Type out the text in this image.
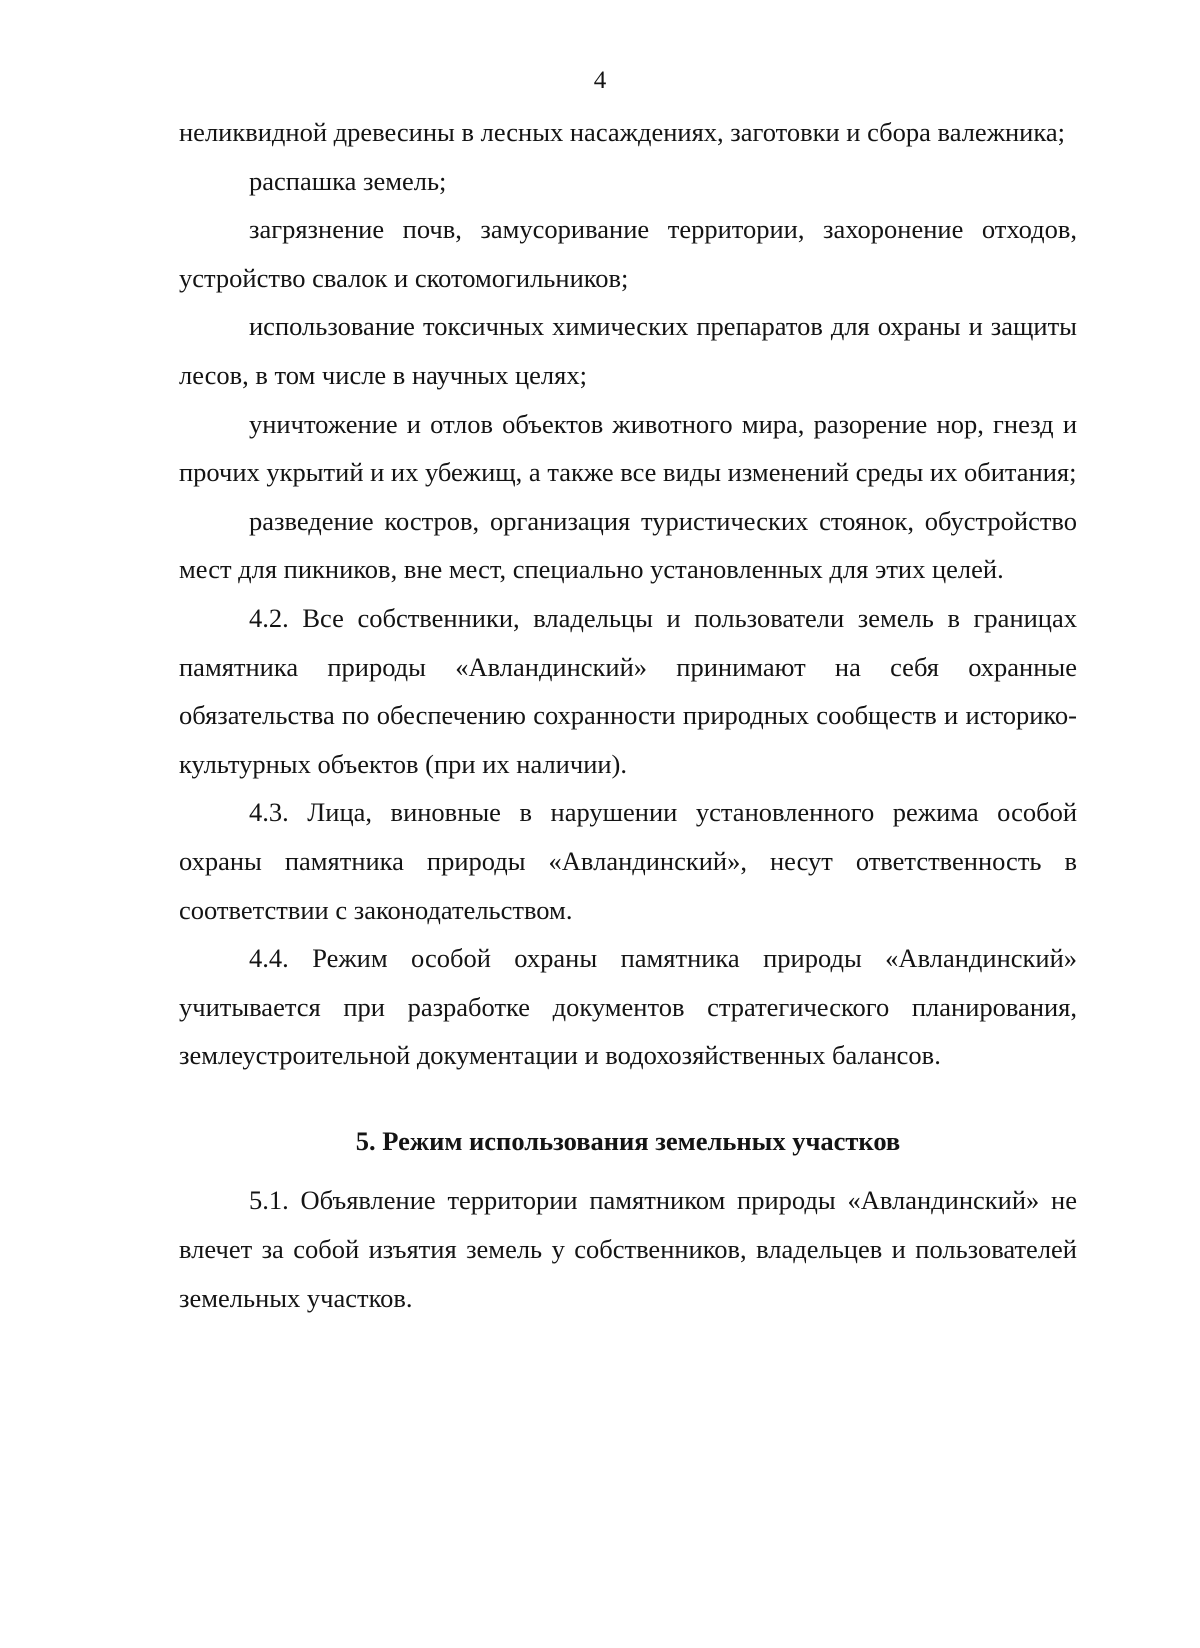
4

неликвидной древесины в лесных насаждениях, заготовки и сбора валежника;

распашка земель;

загрязнение почв, замусоривание территории, захоронение отходов, устройство свалок и скотомогильников;

использование токсичных химических препаратов для охраны и защиты лесов, в том числе в научных целях;

уничтожение и отлов объектов животного мира, разорение нор, гнезд и прочих укрытий и их убежищ, а также все виды изменений среды их обитания;

разведение костров, организация туристических стоянок, обустройство мест для пикников, вне мест, специально установленных для этих целей.

4.2. Все собственники, владельцы и пользователи земель в границах памятника природы «Авландинский» принимают на себя охранные обязательства по обеспечению сохранности природных сообществ и историко-культурных объектов (при их наличии).

4.3. Лица, виновные в нарушении установленного режима особой охраны памятника природы «Авландинский», несут ответственность в соответствии с законодательством.

4.4. Режим особой охраны памятника природы «Авландинский» учитывается при разработке документов стратегического планирования, землеустроительной документации и водохозяйственных балансов.

5. Режим использования земельных участков

5.1. Объявление территории памятником природы «Авландинский» не влечет за собой изъятия земель у собственников, владельцев и пользователей земельных участков.
